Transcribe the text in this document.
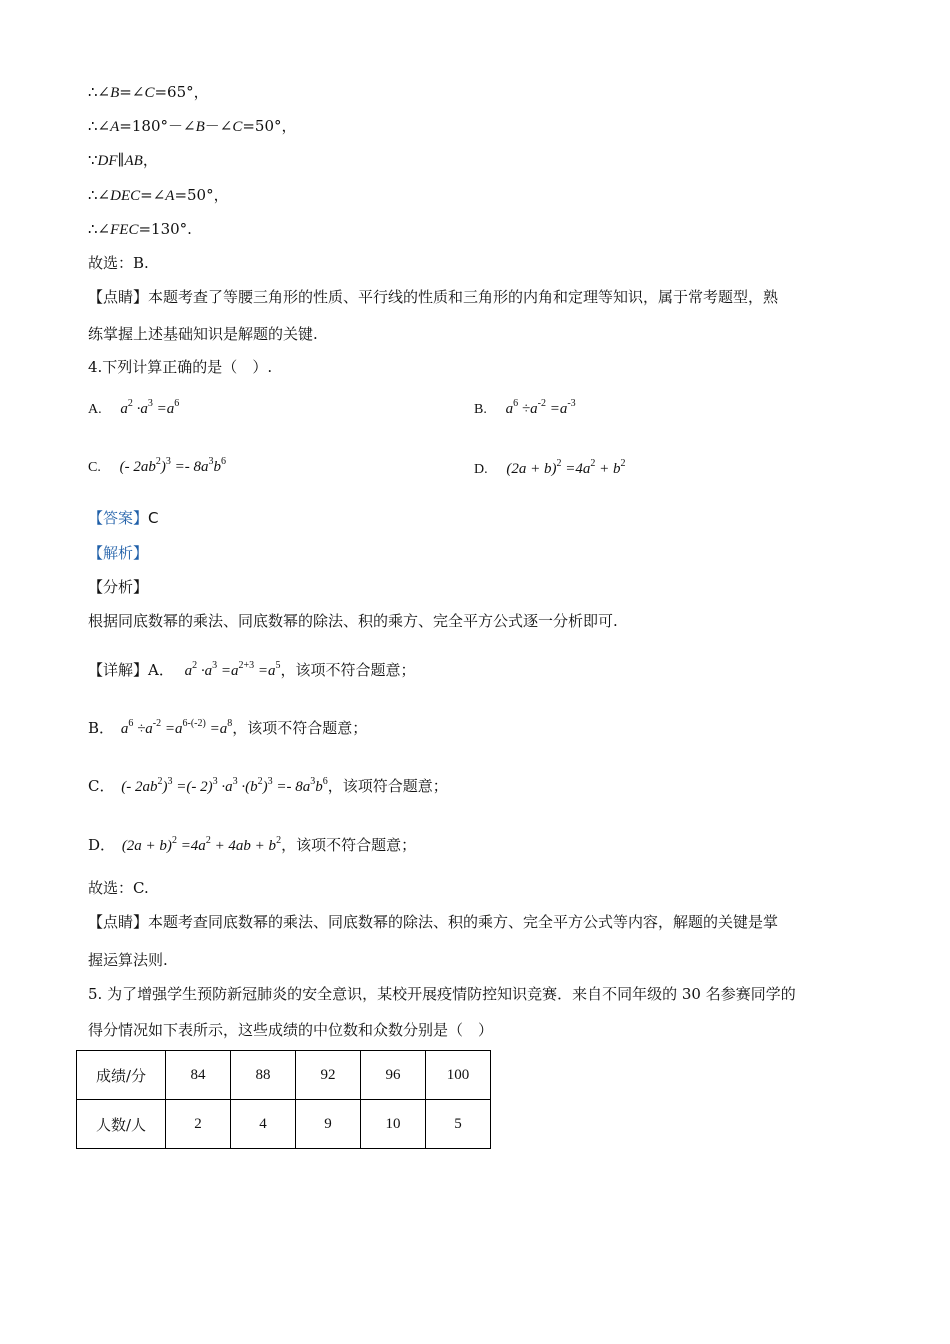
∴∠B=∠C=65°，
∴∠A=180°－∠B－∠C=50°，
∵DF∥AB，
∴∠DEC=∠A=50°，
∴∠FEC=130°.
故选：B.
【点睛】本题考查了等腰三角形的性质、平行线的性质和三角形的内角和定理等知识，属于常考题型，熟
练掌握上述基础知识是解题的关键.
4.下列计算正确的是（　）.
A. $a^2 \cdot a^3 =a^6$	B. $a^6 \div a^{-2} =a^{-3}$
C. (- $2ab^2)^3 =- 8a^3b^6$
D. $(2a + b)^2 =4a^2 + b^2$
【答案】C
【解析】
【分析】
根据同底数幂的乘法、同底数幂的除法、积的乘方、完全平方公式逐一分析即可.
【详解】A． $a^2 \cdot a^3 =a^{2+3} =a^5$，该项不符合题意；
B． $a^6 \div a^{-2} =a^{6-(-2)} =a^8$，该项不符合题意；
C． (- $2ab^2)^3$ =(- $2)^3 \cdot a^3 \cdot(b^2)^3 =- 8a^3b^6$，该项符合题意；
D． $(2a + b)^2 =4a^2 + 4ab + b^2$，该项不符合题意；
故选：C.
【点睛】本题考查同底数幂的乘法、同底数幂的除法、积的乘方、完全平方公式等内容，解题的关键是掌
握运算法则.
5. 为了增强学生预防新冠肺炎的安全意识，某校开展疫情防控知识竞赛．来自不同年级的 30 名参赛同学的
得分情况如下表所示，这些成绩的中位数和众数分别是（　）
成绩/分	84	88	92	96	100
人数/人	2	4	9	10	5
